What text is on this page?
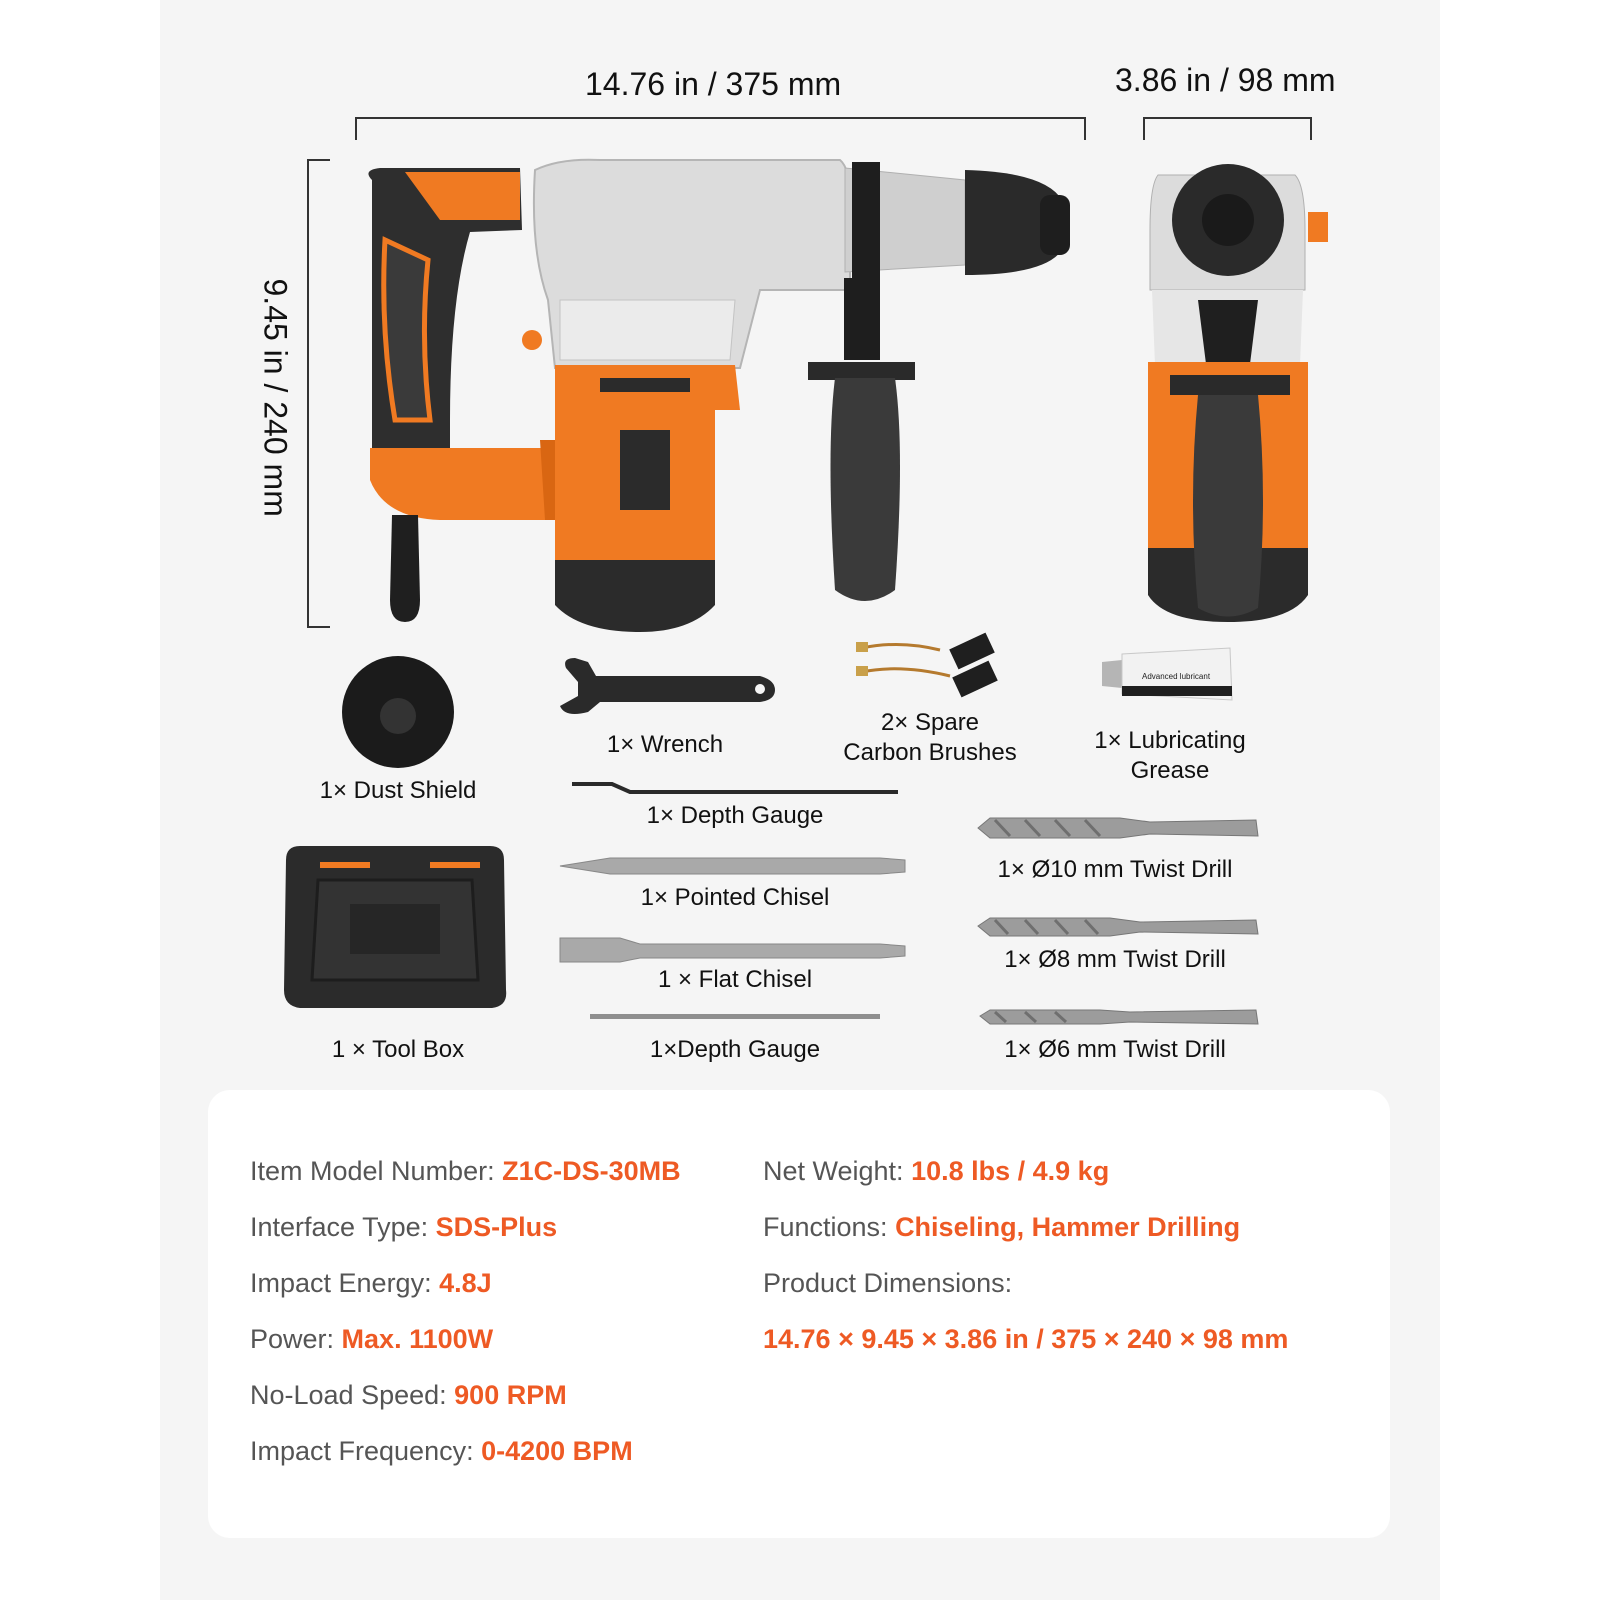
14.76 in / 375 mm	3.86 in / 98 mm
9.45 in / 240 mm
Advanced lubricant
1× Dust Shield
1× Wrench
2× Spare
Carbon Brushes	1× Lubricating
Grease
1× Depth Gauge
1× Pointed Chisel
1 × Flat Chisel
1×Depth Gauge
1 × Tool Box
1× Ø10 mm Twist Drill
1× Ø8 mm Twist Drill
1× Ø6 mm Twist Drill
Item Model Number: Z1C-DS-30MB
Interface Type: SDS-Plus
Impact Energy: 4.8J
Power: Max. 1100W
No-Load Speed: 900 RPM
Impact Frequency: 0-4200 BPM
Net Weight: 10.8 lbs / 4.9 kg
Functions: Chiseling, Hammer Drilling
Product Dimensions:
14.76 × 9.45 × 3.86 in / 375 × 240 × 98 mm
